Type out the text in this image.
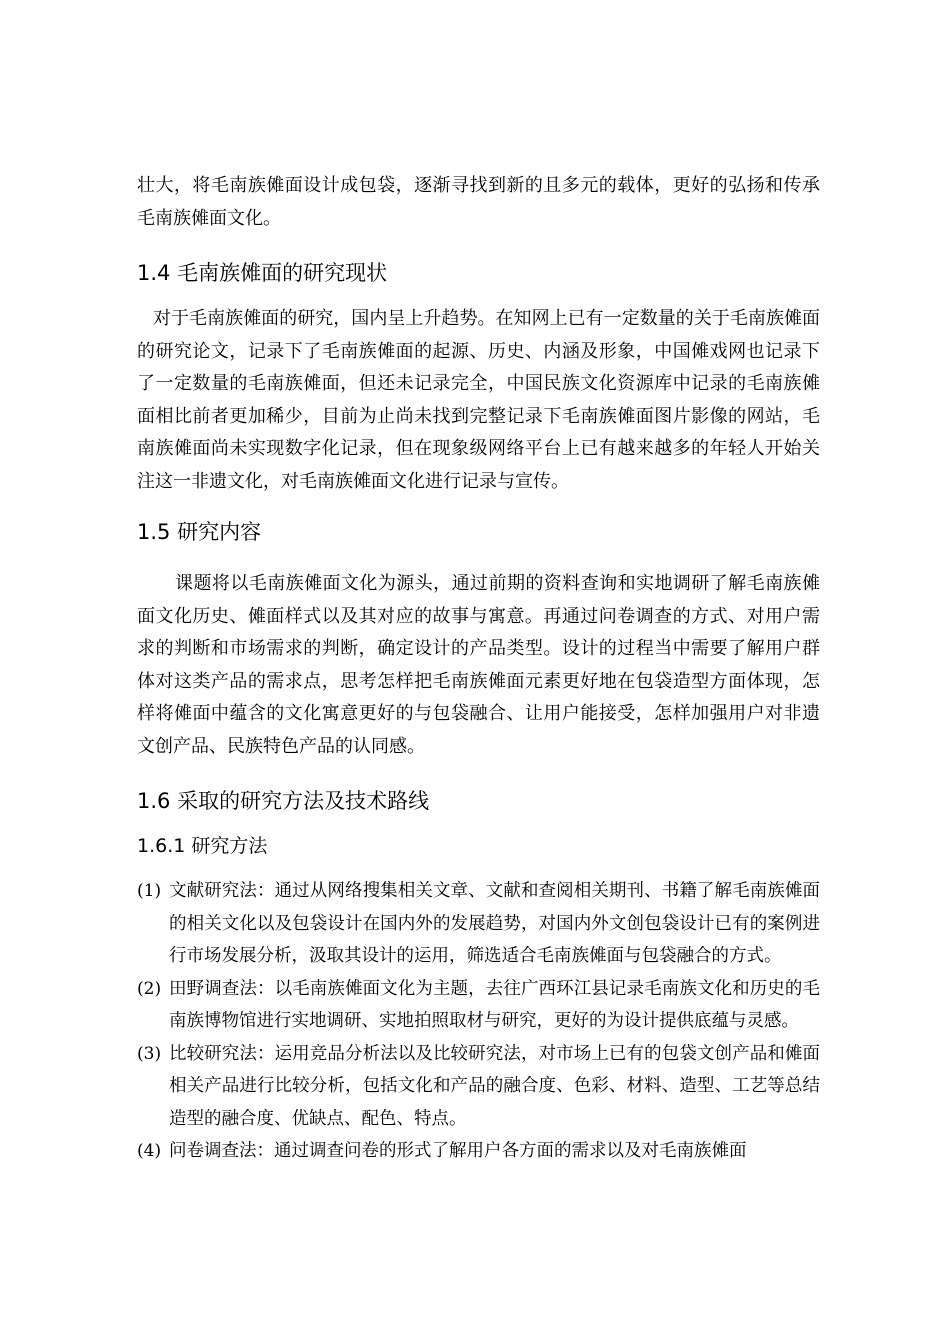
壮大，将毛南族傩面设计成包袋，逐渐寻找到新的且多元的载体，更好的弘扬和传承毛南族傩面文化。

1.4 毛南族傩面的研究现状

对于毛南族傩面的研究，国内呈上升趋势。在知网上已有一定数量的关于毛南族傩面的研究论文，记录下了毛南族傩面的起源、历史、内涵及形象，中国傩戏网也记录下了一定数量的毛南族傩面，但还未记录完全，中国民族文化资源库中记录的毛南族傩面相比前者更加稀少，目前为止尚未找到完整记录下毛南族傩面图片影像的网站，毛南族傩面尚未实现数字化记录，但在现象级网络平台上已有越来越多的年轻人开始关注这一非遗文化，对毛南族傩面文化进行记录与宣传。

1.5 研究内容

课题将以毛南族傩面文化为源头，通过前期的资料查询和实地调研了解毛南族傩面文化历史、傩面样式以及其对应的故事与寓意。再通过问卷调查的方式、对用户需求的判断和市场需求的判断，确定设计的产品类型。设计的过程当中需要了解用户群体对这类产品的需求点，思考怎样把毛南族傩面元素更好地在包袋造型方面体现，怎样将傩面中蕴含的文化寓意更好的与包袋融合、让用户能接受，怎样加强用户对非遗文创产品、民族特色产品的认同感。

1.6 采取的研究方法及技术路线
1.6.1 研究方法
(1) 文献研究法：通过从网络搜集相关文章、文献和查阅相关期刊、书籍了解毛南族傩面的相关文化以及包袋设计在国内外的发展趋势，对国内外文创包袋设计已有的案例进行市场发展分析，汲取其设计的运用，筛选适合毛南族傩面与包袋融合的方式。
(2) 田野调查法：以毛南族傩面文化为主题，去往广西环江县记录毛南族文化和历史的毛南族博物馆进行实地调研、实地拍照取材与研究，更好的为设计提供底蕴与灵感。
(3) 比较研究法：运用竞品分析法以及比较研究法，对市场上已有的包袋文创产品和傩面相关产品进行比较分析，包括文化和产品的融合度、色彩、材料、造型、工艺等总结造型的融合度、优缺点、配色、特点。
(4) 问卷调查法：通过调查问卷的形式了解用户各方面的需求以及对毛南族傩面
